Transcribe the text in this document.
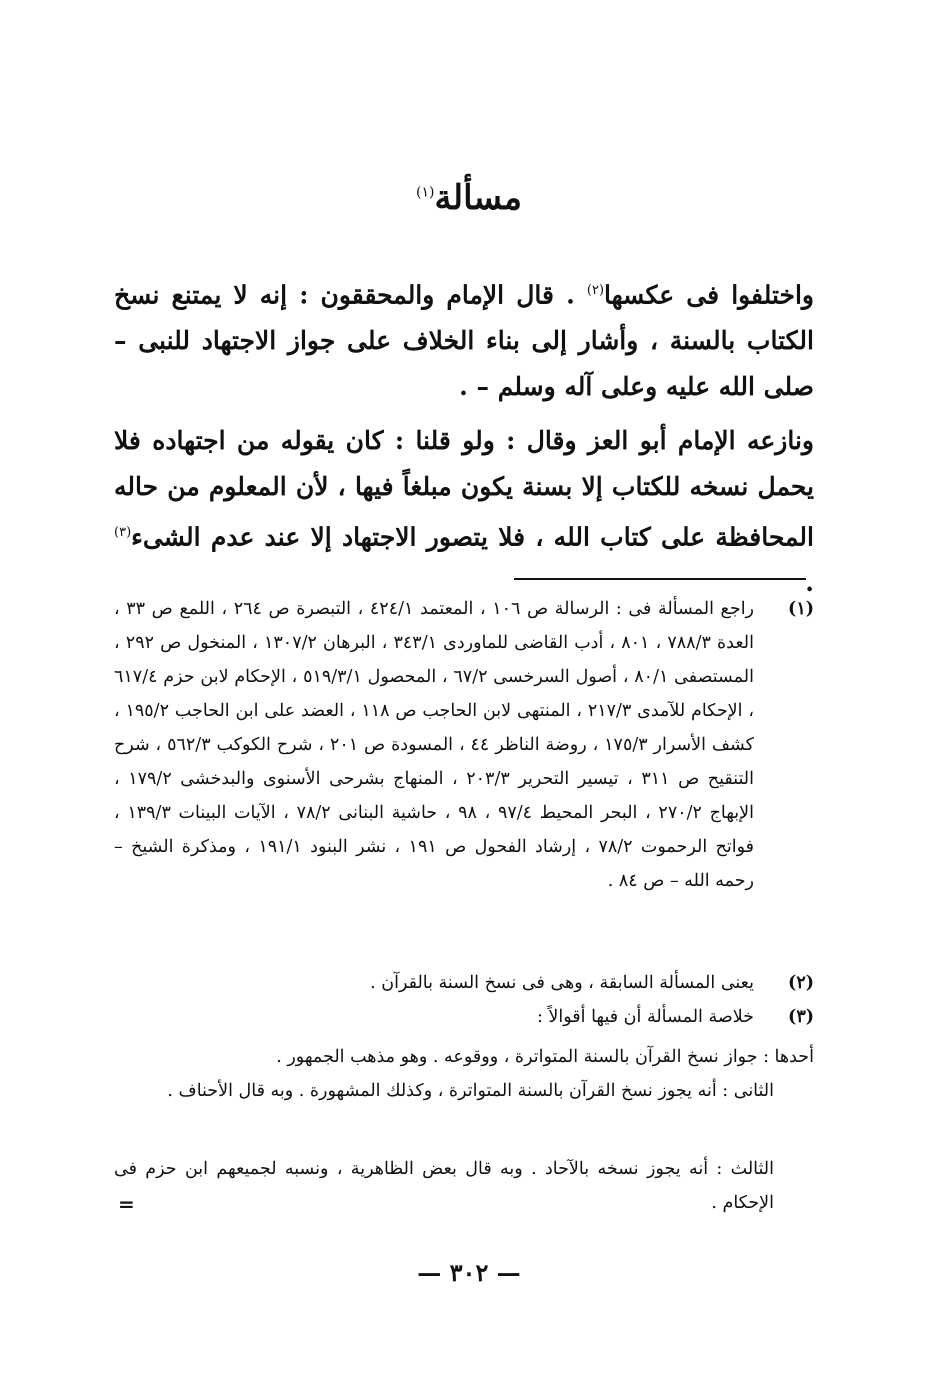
مسألة$^{(١)}$

واختلفوا فى عكسها$^{(٢)}$ . قال الإمام والمحققون : إنه لا يمتنع نسخ الكتاب بالسنة ، وأشار إلى بناء الخلاف على جواز الاجتهاد للنبى – صلى الله عليه وعلى آله وسلم – .

ونازعه الإمام أبو العز وقال : ولو قلنا : كان يقوله من اجتهاده فلا يحمل نسخه للكتاب إلا بسنة يكون مبلغاً فيها ، لأن المعلوم من حاله المحافظة على كتاب الله ، فلا يتصور الاجتهاد إلا عند عدم الشىء$^{(٣)}$ .

(١)
راجع المسألة فى : الرسالة ص ١٠٦ ، المعتمد ٤٢٤/١ ، التبصرة ص ٢٦٤ ، اللمع ص ٣٣ ، العدة ٧٨٨/٣ ، ٨٠١ ، أدب القاضى للماوردى ٣٤٣/١ ، البرهان ١٣٠٧/٢ ، المنخول ص ٢٩٢ ، المستصفى ٨٠/١ ، أصول السرخسى ٦٧/٢ ، المحصول ٥١٩/٣/١ ، الإحكام لابن حزم ٦١٧/٤ ، الإحكام للآمدى ٢١٧/٣ ، المنتهى لابن الحاجب ص ١١٨ ، العضد على ابن الحاجب ١٩٥/٢ ، كشف الأسرار ١٧٥/٣ ، روضة الناظر ٤٤ ، المسودة ص ٢٠١ ، شرح الكوكب ٥٦٢/٣ ، شرح التنقيح ص ٣١١ ، تيسير التحرير ٢٠٣/٣ ، المنهاج بشرحى الأسنوى والبدخشى ١٧٩/٢ ، الإبهاج ٢٧٠/٢ ، البحر المحيط ٩٧/٤ ، ٩٨ ، حاشية البنانى ٧٨/٢ ، الآيات البينات ١٣٩/٣ ، فواتح الرحموت ٧٨/٢ ، إرشاد الفحول ص ١٩١ ، نشر البنود ١٩١/١ ، ومذكرة الشيخ – رحمه الله – ص ٨٤ .
(٢)
يعنى المسألة السابقة ، وهى فى نسخ السنة بالقرآن .
(٣)
خلاصة المسألة أن فيها أقوالاً :

أحدها : جواز نسخ القرآن بالسنة المتواترة ، ووقوعه . وهو مذهب الجمهور .

الثانى : أنه يجوز نسخ القرآن بالسنة المتواترة ، وكذلك المشهورة . وبه قال الأحناف .

الثالث : أنه يجوز نسخه بالآحاد . وبه قال بعض الظاهرية ، ونسبه لجميعهم ابن حزم فى الإحكام .

=
— ٣٠٢ —
